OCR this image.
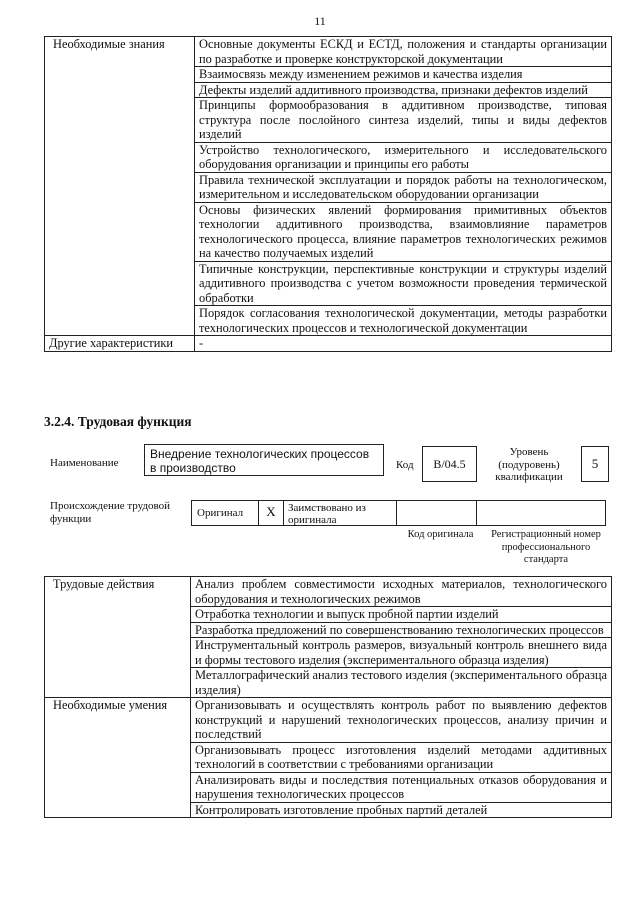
11
Необходимые знания	Основные документы ЕСКД и ЕСТД, положения и стандарты организации по разработке и проверке конструкторской документации
	Взаимосвязь между изменением режимов и качества изделия
	Дефекты изделий аддитивного производства, признаки дефектов изделий
	Принципы формообразования в аддитивном производстве, типовая структура после послойного синтеза изделий, типы и виды дефектов изделий
	Устройство технологического, измерительного и исследовательского оборудования организации и принципы его работы
	Правила технической эксплуатации и порядок работы на технологическом, измерительном и исследовательском оборудовании организации
	Основы физических явлений формирования примитивных объектов технологии аддитивного производства, взаимовлияние параметров технологического процесса, влияние параметров технологических режимов на качество получаемых изделий
	Типичные конструкции, перспективные конструкции и структуры изделий аддитивного производства с учетом возможности проведения термической обработки
	Порядок согласования технологической документации, методы разработки технологических процессов и технологической документации
Другие характеристики	-
3.2.4. Трудовая функция
Наименование
Внедрение технологических процессов в производство	Код	B/04.5
Уровень (подуровень) квалификации
5
Происхождение трудовой функции	Оригинал	X	Заимствовано из оригинала
Код оригинала	Регистрационный номер профессионального стандарта
Трудовые действия	Анализ проблем совместимости исходных материалов, технологического оборудования и технологических режимов
	Отработка технологии и выпуск пробной партии изделий
	Разработка предложений по совершенствованию технологических процессов
	Инструментальный контроль размеров, визуальный контроль внешнего вида и формы тестового изделия (экспериментального образца изделия)
	Металлографический анализ тестового изделия (экспериментального образца изделия)
Необходимые умения	Организовывать и осуществлять контроль работ по выявлению дефектов конструкций и нарушений технологических процессов, анализу причин и последствий
	Организовывать процесс изготовления изделий методами аддитивных технологий в соответствии с требованиями организации
	Анализировать виды и последствия потенциальных отказов оборудования и нарушения технологических процессов
	Контролировать изготовление пробных партий деталей
